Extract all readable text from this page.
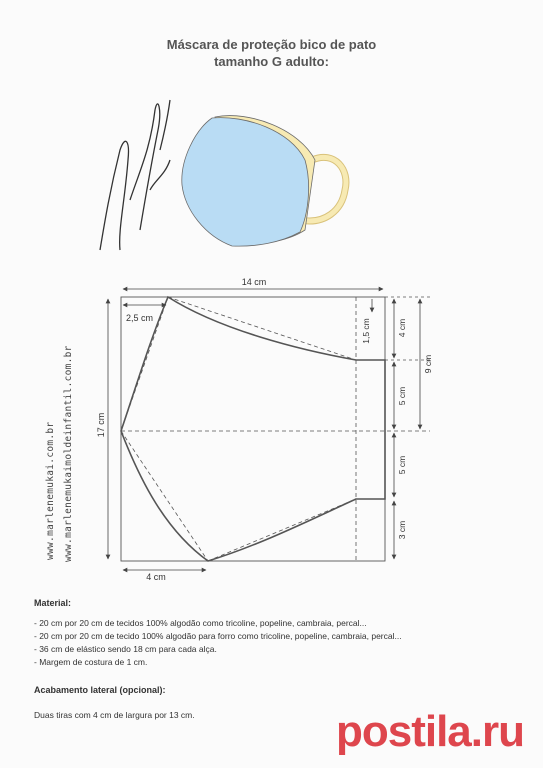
Máscara de proteção bico de pato
tamanho G adulto:
www.marlenemukai.com.br www.marlenemukaimoldeinfantil.com.br
14 cm
2,5 cm
17 cm
4 cm
1,5 cm	4 cm
5 cm
5 cm
3 cm
9 cm
Material:
- 20 cm por 20 cm de tecidos 100% algodão como tricoline, popeline, cambraia, percal...
- 20 cm por 20 cm de tecido 100% algodão para forro como tricoline, popeline, cambraia, percal...
- 36 cm de elástico sendo 18 cm para cada alça.
- Margem de costura de 1 cm.
Acabamento lateral (opcional):
Duas tiras com 4 cm de largura por 13 cm.	postila.ru
